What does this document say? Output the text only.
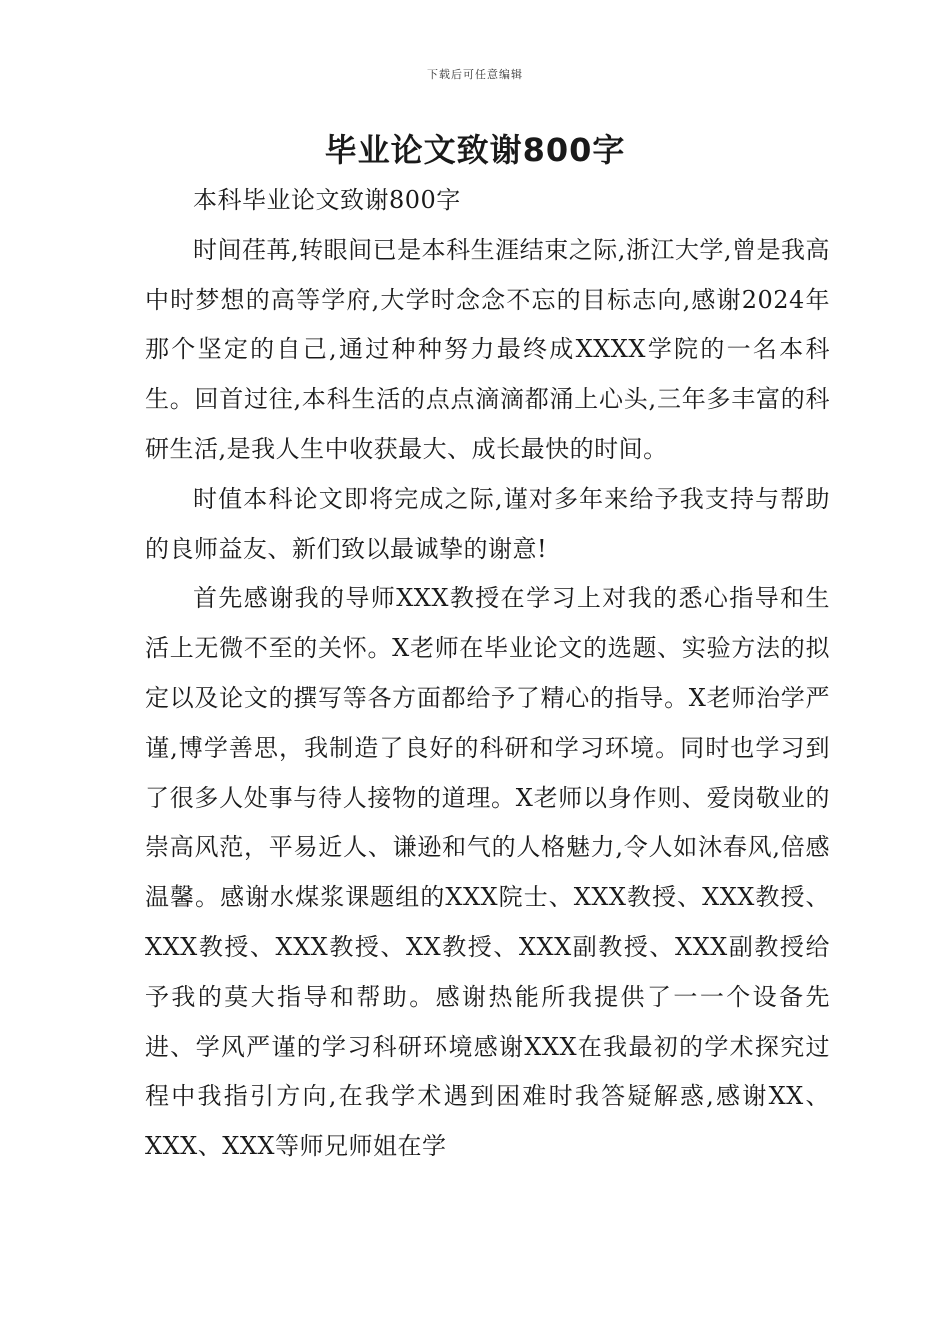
下载后可任意编辑
毕业论文致谢800字

本科毕业论文致谢800字

时间荏苒,转眼间已是本科生涯结束之际,浙江大学,曾是我高中时梦想的高等学府,大学时念念不忘的目标志向,感谢2024年那个坚定的自己,通过种种努力最终成XXXX学院的一名本科生。回首过往,本科生活的点点滴滴都涌上心头,三年多丰富的科研生活,是我人生中收获最大、成长最快的时间。

时值本科论文即将完成之际,谨对多年来给予我支持与帮助的良师益友、新们致以最诚挚的谢意!

首先感谢我的导师XXX教授在学习上对我的悉心指导和生活上无微不至的关怀。X老师在毕业论文的选题、实验方法的拟定以及论文的撰写等各方面都给予了精心的指导。X老师治学严谨,博学善思，我制造了良好的科研和学习环境。同时也学习到了很多人处事与待人接物的道理。X老师以身作则、爱岗敬业的崇高风范，平易近人、谦逊和气的人格魅力,令人如沐春风,倍感温馨。感谢水煤浆课题组的XXX院士、XXX教授、XXX教授、XXX教授、XXX教授、XX教授、XXX副教授、XXX副教授给予我的莫大指导和帮助。感谢热能所我提供了一一个设备先进、学风严谨的学习科研环境感谢XXX在我最初的学术探究过程中我指引方向,在我学术遇到困难时我答疑解惑,感谢XX、XXX、XXX等师兄师姐在学
